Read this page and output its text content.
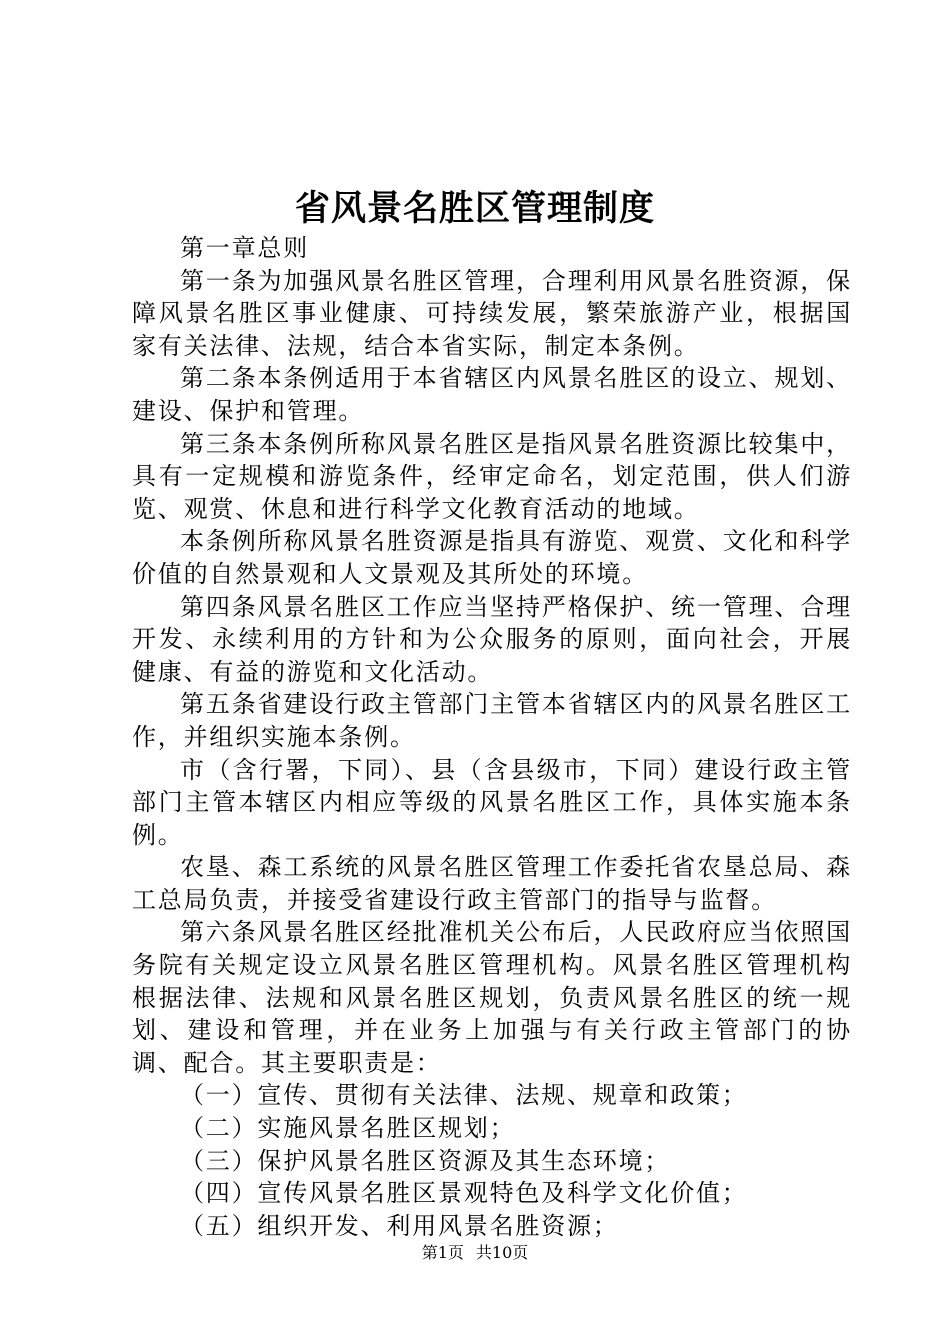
省风景名胜区管理制度

第一章总则

第一条为加强风景名胜区管理，合理利用风景名胜资源，保障风景名胜区事业健康、可持续发展，繁荣旅游产业，根据国家有关法律、法规，结合本省实际，制定本条例。

第二条本条例适用于本省辖区内风景名胜区的设立、规划、建设、保护和管理。

第三条本条例所称风景名胜区是指风景名胜资源比较集中，具有一定规模和游览条件，经审定命名，划定范围，供人们游览、观赏、休息和进行科学文化教育活动的地域。

本条例所称风景名胜资源是指具有游览、观赏、文化和科学价值的自然景观和人文景观及其所处的环境。

第四条风景名胜区工作应当坚持严格保护、统一管理、合理开发、永续利用的方针和为公众服务的原则，面向社会，开展健康、有益的游览和文化活动。

第五条省建设行政主管部门主管本省辖区内的风景名胜区工作，并组织实施本条例。

市（含行署，下同）、县（含县级市，下同）建设行政主管部门主管本辖区内相应等级的风景名胜区工作，具体实施本条例。

农垦、森工系统的风景名胜区管理工作委托省农垦总局、森工总局负责，并接受省建设行政主管部门的指导与监督。

第六条风景名胜区经批准机关公布后，人民政府应当依照国务院有关规定设立风景名胜区管理机构。风景名胜区管理机构根据法律、法规和风景名胜区规划，负责风景名胜区的统一规划、建设和管理，并在业务上加强与有关行政主管部门的协调、配合。其主要职责是：

（一）宣传、贯彻有关法律、法规、规章和政策；

（二）实施风景名胜区规划；

（三）保护风景名胜区资源及其生态环境；

（四）宣传风景名胜区景观特色及科学文化价值；

（五）组织开发、利用风景名胜资源；

第1页 共10页
